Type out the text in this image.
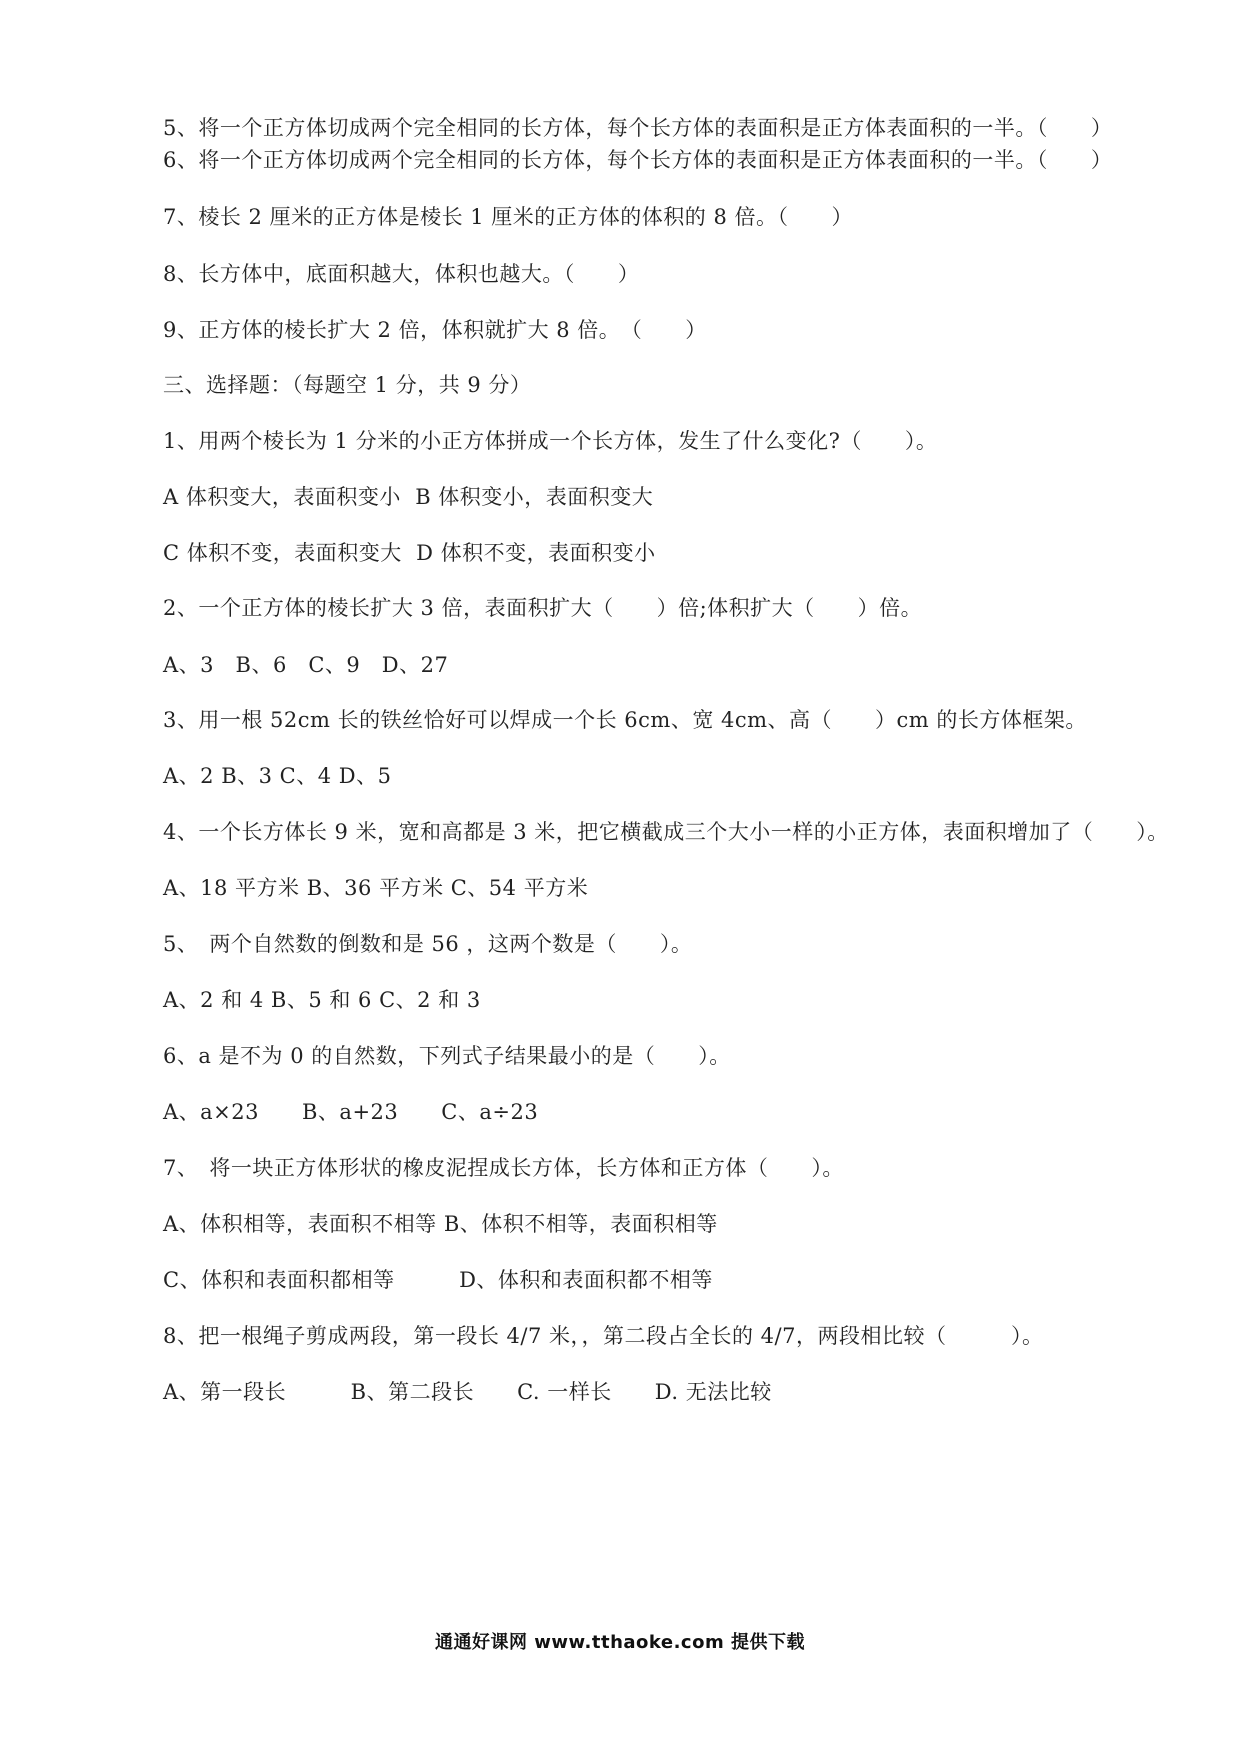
5、将一个正方体切成两个完全相同的长方体，每个长方体的表面积是正方体表面积的一半。（　　）
6、将一个正方体切成两个完全相同的长方体，每个长方体的表面积是正方体表面积的一半。（　　）
7、棱长 2 厘米的正方体是棱长 1 厘米的正方体的体积的 8 倍。（　　）
8、长方体中，底面积越大，体积也越大。（　　）
9、正方体的棱长扩大 2 倍，体积就扩大 8 倍。　（　　）
三、选择题：（每题空 1 分，共 9 分）
1、用两个棱长为 1 分米的小正方体拼成一个长方体，发生了什么变化?（　　）。
A 体积变大，表面积变小  B 体积变小，表面积变大
C 体积不变，表面积变大  D 体积不变，表面积变小
2、一个正方体的棱长扩大 3 倍，表面积扩大（　　）倍;体积扩大（　　）倍。
A、3　B、6　C、9　D、27
3、用一根 52cm 长的铁丝恰好可以焊成一个长 6cm、宽 4cm、高（　　）cm 的长方体框架。
A、2 B、3 C、4 D、5
4、一个长方体长 9 米，宽和高都是 3 米，把它横截成三个大小一样的小正方体，表面积增加了（　　）。
A、18 平方米 B、36 平方米 C、54 平方米
5、　两个自然数的倒数和是 56 ，这两个数是（　　）。
A、2 和 4 B、5 和 6 C、2 和 3
6、a 是不为 0 的自然数，下列式子结果最小的是（　　）。
A、a×23　　B、a+23　　C、a÷23
7、　将一块正方体形状的橡皮泥捏成长方体，长方体和正方体（　　）。
A、体积相等，表面积不相等 B、体积不相等，表面积相等
C、体积和表面积都相等　　　D、体积和表面积都不相等
8、把一根绳子剪成两段，第一段长 4/7 米，，第二段占全长的 4/7，两段相比较（　　　）。
A、第一段长　　　B、第二段长　　C. 一样长　　D. 无法比较
通通好课网 www.tthaoke.com 提供下载
